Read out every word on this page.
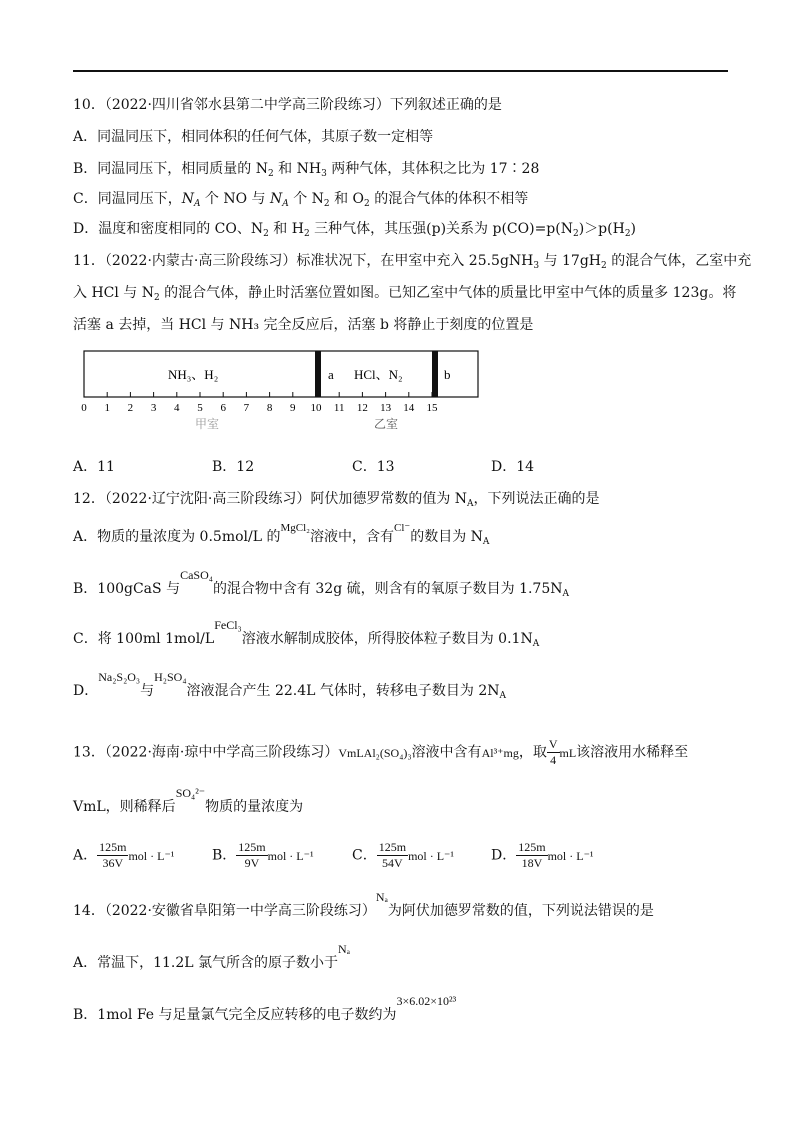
10．（2022·四川省邻水县第二中学高三阶段练习）下列叙述正确的是
A．同温同压下，相同体积的任何气体，其原子数一定相等
B．同温同压下，相同质量的 $N_2$ 和 $NH_3$ 两种气体，其体积之比为 17∶28
C．同温同压下，$N_A$ 个 NO 与 $N_A$ 个 $N_2$ 和 $O_2$ 的混合气体的体积不相等
D．温度和密度相同的 CO、$N_2$ 和 $H_2$ 三种气体，其压强(p)关系为 $p(CO)=p(N_2)>p(H_2)$
11．（2022·内蒙古·高三阶段练习）标准状况下，在甲室中充入 25.5gNH$_3$ 与 $17gH_2$ 的混合气体，乙室中充
入 HCl 与 $N_2$ 的混合气体，静止时活塞位置如图。已知乙室中气体的质量比甲室中气体的质量多 123g。将
活塞 a 去掉，当 HCl 与 NH₃ 完全反应后，活塞 b 将静止于刻度的位置是
NH₃、H₂	HCl、N₂
a	b
0 1 2 3 4 5 6 7 8 9 10 11 12 13 14 15
甲室	乙室
A．11	B．12	C．13	D．14
12．（2022·辽宁沈阳·高三阶段练习）阿伏加德罗常数的值为 $N_A$，下列说法正确的是
A．物质的量浓度为 0.5mol/L 的$^{MgCl_2}$溶液中，含有$^{Cl^-}$的数目为 $N_A$
B．100gCaS 与CaSO₄的混合物中含有 32g 硫，则含有的氧原子数目为 $1.75N_A$
C．将 100ml 1mol/LFeCl₃溶液水解制成胶体，所得胶体粒子数目为 $0.1N_A$
D．Na₂S₂O₃与H₂SO₄溶液混合产生 22.4L 气体时，转移电子数目为 $2N_A$
13．（2022·海南·琼中中学高三阶段练习）VmLAl₂(SO₄)₃溶液中含有Al³⁺mg，取 $\frac{V}{4}$ mL该溶液用水稀释至
VmL，则稀释后SO₄²⁻物质的量浓度为
A． $\frac{125m}{36V}$ mol · L⁻¹	B． $\frac{125m}{9V}$ mol · L⁻¹	C． $\frac{125m}{54V}$ mol · L⁻¹	D． $\frac{125m}{18V}$ mol · L⁻¹
14．（2022·安徽省阜阳第一中学高三阶段练习）Nₐ为阿伏加德罗常数的值，下列说法错误的是
A．常温下，11.2L 氯气所含的原子数小于Nₐ
B．1mol Fe 与足量氯气完全反应转移的电子数约为3×6.02×10²³
